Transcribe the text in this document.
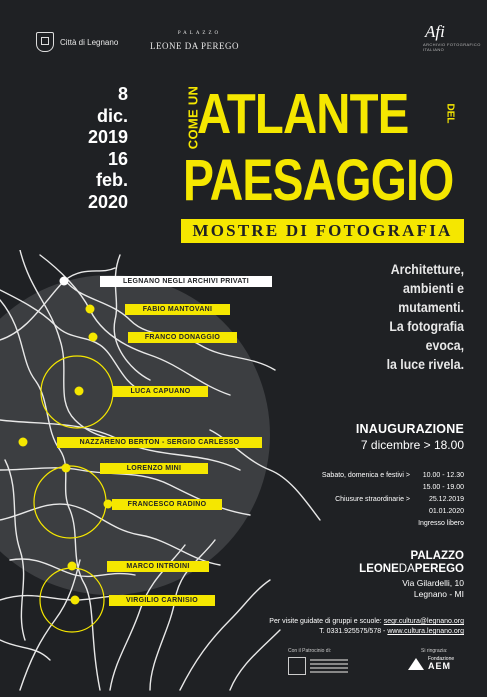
Città di Legnano
PALAZZO
LEONE DA PEREGO
Afi
ARCHIVIO FOTOGRAFICO ITALIANO
8
dic.
2019
16
feb.
2020
COME UN
ATLANTE	DEL
PAESAGGIO
MOSTRE DI FOTOGRAFIA
LEGNANO NEGLI ARCHIVI PRIVATI
FABIO MANTOVANI
FRANCO DONAGGIO
LUCA CAPUANO
NAZZARENO BERTON - SERGIO CARLESSO
LORENZO MINI
FRANCESCO RADINO
MARCO INTROINI
VIRGILIO CARNISIO
Architetture,
ambienti e
mutamenti.
La fotografia
evoca,
la luce rivela.
INAUGURAZIONE
7 dicembre > 18.00
Sabato, domenica e festivi >	10.00 - 12.30
15.00 - 19.00
Chiusure straordinarie >	25.12.2019
01.01.2020
Ingresso libero
PALAZZO
LEONEDAPEREGO
Via Gilardelli, 10
Legnano - MI
Per visite guidate di gruppi e scuole: segr.cultura@legnano.org
T. 0331.925575/578 - www.cultura.legnano.org
Con il Patrocinio di:	Si ringrazia:
Fondazione
AEM
